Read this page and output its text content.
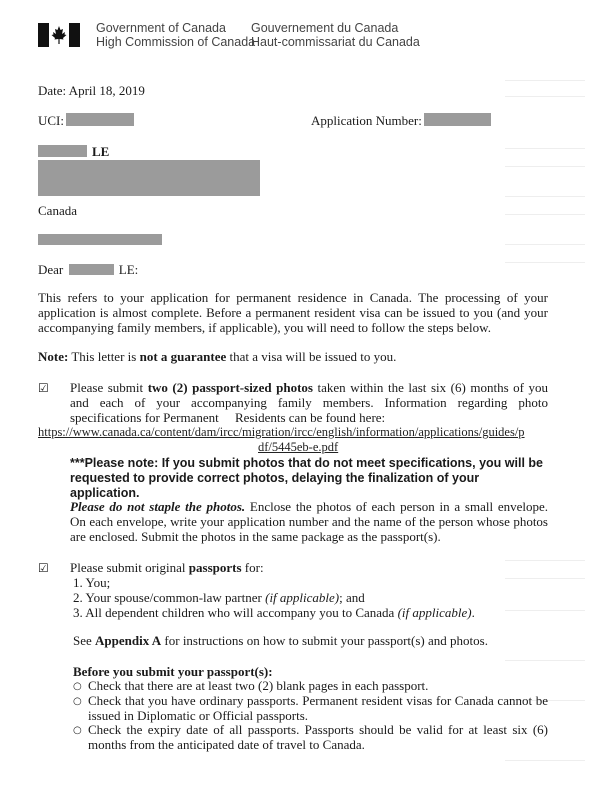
Government of Canada
High Commission of Canada
Gouvernement du Canada
Haut-commissariat du Canada
Date: April 18, 2019
UCI:	Application Number:
LE
Canada
Dear	LE:
This refers to your application for permanent residence in Canada. The processing of your
application is almost complete. Before a permanent resident visa can be issued to you (and your
accompanying family members, if applicable), you will need to follow the steps below.
Note: This letter is not a guarantee that a visa will be issued to you.
☑ Please submit two (2) passport-sized photos taken within the last six (6) months of you
and each of your accompanying family members. Information regarding photo
specifications for Permanent     Residents can be found here:
https://www.canada.ca/content/dam/ircc/migration/ircc/english/information/applications/guides/p
df/5445eb-e.pdf
***Please note: If you submit photos that do not meet specifications, you will be
requested to provide correct photos, delaying the finalization of your application.
Please do not staple the photos. Enclose the photos of each person in a small envelope.
On each envelope, write your application number and the name of the person whose photos
are enclosed. Submit the photos in the same package as the passport(s).
☑ Please submit original passports for:
1. You;
2. Your spouse/common-law partner (if applicable); and
3. All dependent children who will accompany you to Canada (if applicable).
See Appendix A for instructions on how to submit your passport(s) and photos.
Before you submit your passport(s):
○ Check that there are at least two (2) blank pages in each passport.
○ Check that you have ordinary passports. Permanent resident visas for Canada cannot be
issued in Diplomatic or Official passports.
○ Check the expiry date of all passports. Passports should be valid for at least six (6)
months from the anticipated date of travel to Canada.
